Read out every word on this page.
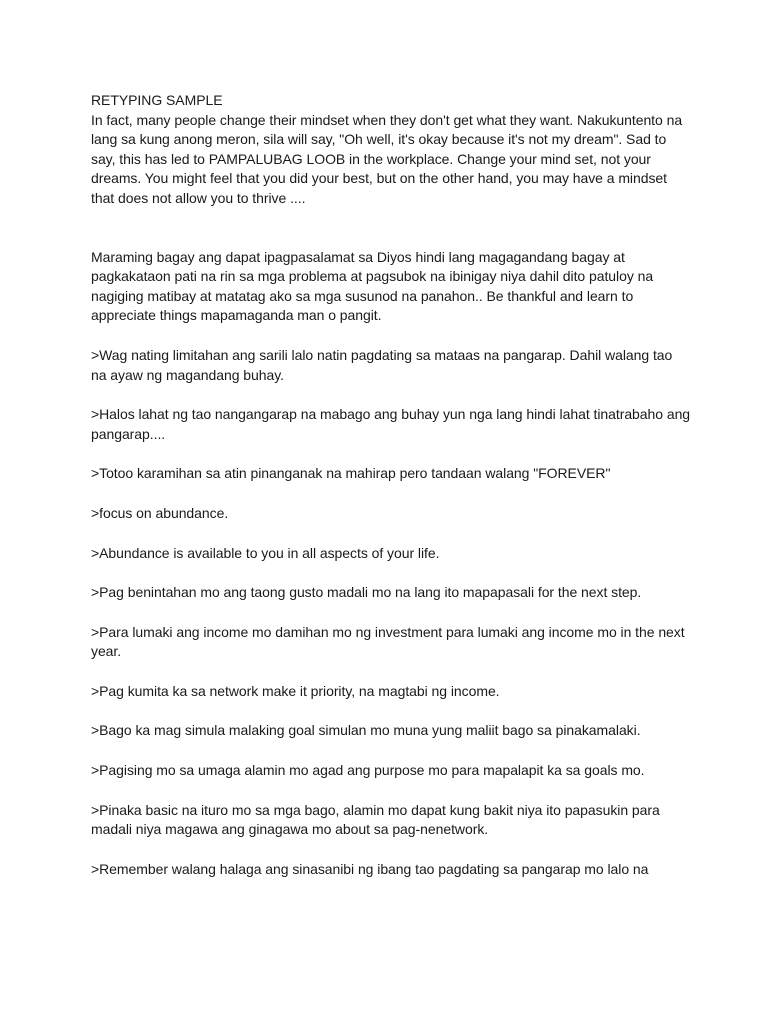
RETYPING SAMPLE

In fact, many people change their mindset when they don't get what they want. Nakukuntento na lang sa kung anong meron, sila will say, "Oh well, it's okay because it's not my dream". Sad to say, this has led to PAMPALUBAG LOOB in the workplace. Change your mind set, not your dreams. You might feel that you did your best, but on the other hand, you may have a mindset that does not allow you to thrive ....

Maraming bagay ang dapat ipagpasalamat sa Diyos hindi lang magagandang bagay at pagkakataon pati na rin sa mga problema at pagsubok na ibinigay niya dahil dito patuloy na nagiging matibay at matatag ako sa mga susunod na panahon.. Be thankful and learn to appreciate things mapamaganda man o pangit.

>Wag nating limitahan ang sarili lalo natin pagdating sa mataas na pangarap. Dahil walang tao na ayaw ng magandang buhay.

>Halos lahat ng tao nangangarap na mabago ang buhay yun nga lang hindi lahat tinatrabaho ang pangarap....

>Totoo karamihan sa atin pinanganak na mahirap pero tandaan walang "FOREVER"

>focus on abundance.

>Abundance is available to you in all aspects of your life.

>Pag benintahan mo ang taong gusto madali mo na lang ito mapapasali for the next step.

>Para lumaki ang income mo damihan mo ng investment para lumaki ang income mo in the next year.

>Pag kumita ka sa network make it priority, na magtabi ng income.

>Bago ka mag simula malaking goal simulan mo muna yung maliit bago sa pinakamalaki.

>Pagising mo sa umaga alamin mo agad ang purpose mo para mapalapit ka sa goals mo.

>Pinaka basic na ituro mo sa mga bago, alamin mo dapat kung bakit niya ito papasukin para madali niya magawa ang ginagawa mo about sa pag-nenetwork.

>Remember walang halaga ang sinasanibi ng ibang tao pagdating sa pangarap mo lalo na
